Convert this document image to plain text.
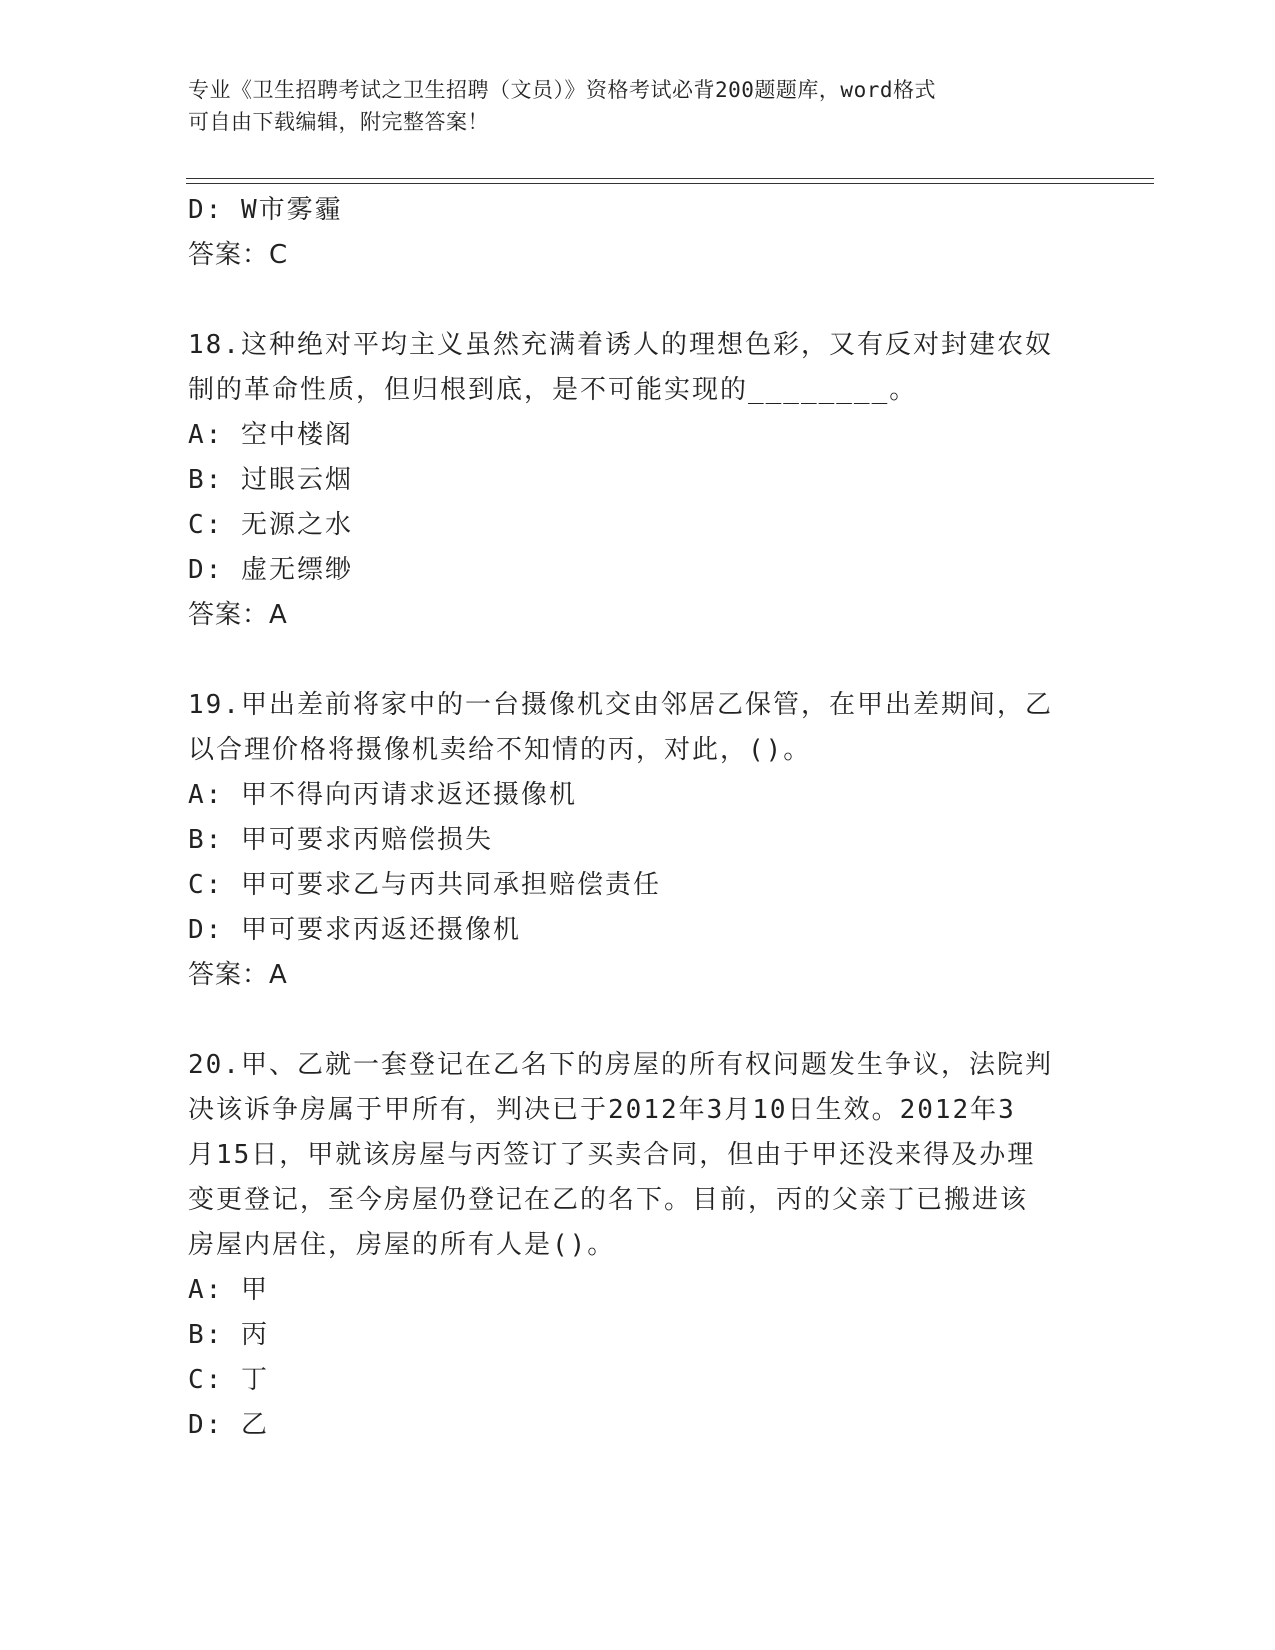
专业《卫生招聘考试之卫生招聘（文员）》资格考试必背200题题库，word格式
可自由下载编辑，附完整答案！
D: W市雾霾
答案：C
18.这种绝对平均主义虽然充满着诱人的理想色彩，又有反对封建农奴
制的革命性质，但归根到底，是不可能实现的________。
A: 空中楼阁
B: 过眼云烟
C: 无源之水
D: 虚无缥缈
答案：A
19.甲出差前将家中的一台摄像机交由邻居乙保管，在甲出差期间，乙
以合理价格将摄像机卖给不知情的丙，对此，()。
A: 甲不得向丙请求返还摄像机
B: 甲可要求丙赔偿损失
C: 甲可要求乙与丙共同承担赔偿责任
D: 甲可要求丙返还摄像机
答案：A
20.甲、乙就一套登记在乙名下的房屋的所有权问题发生争议，法院判
决该诉争房属于甲所有，判决已于2012年3月10日生效。2012年3
月15日，甲就该房屋与丙签订了买卖合同，但由于甲还没来得及办理
变更登记，至今房屋仍登记在乙的名下。目前，丙的父亲丁已搬进该
房屋内居住，房屋的所有人是()。
A: 甲
B: 丙
C: 丁
D: 乙
